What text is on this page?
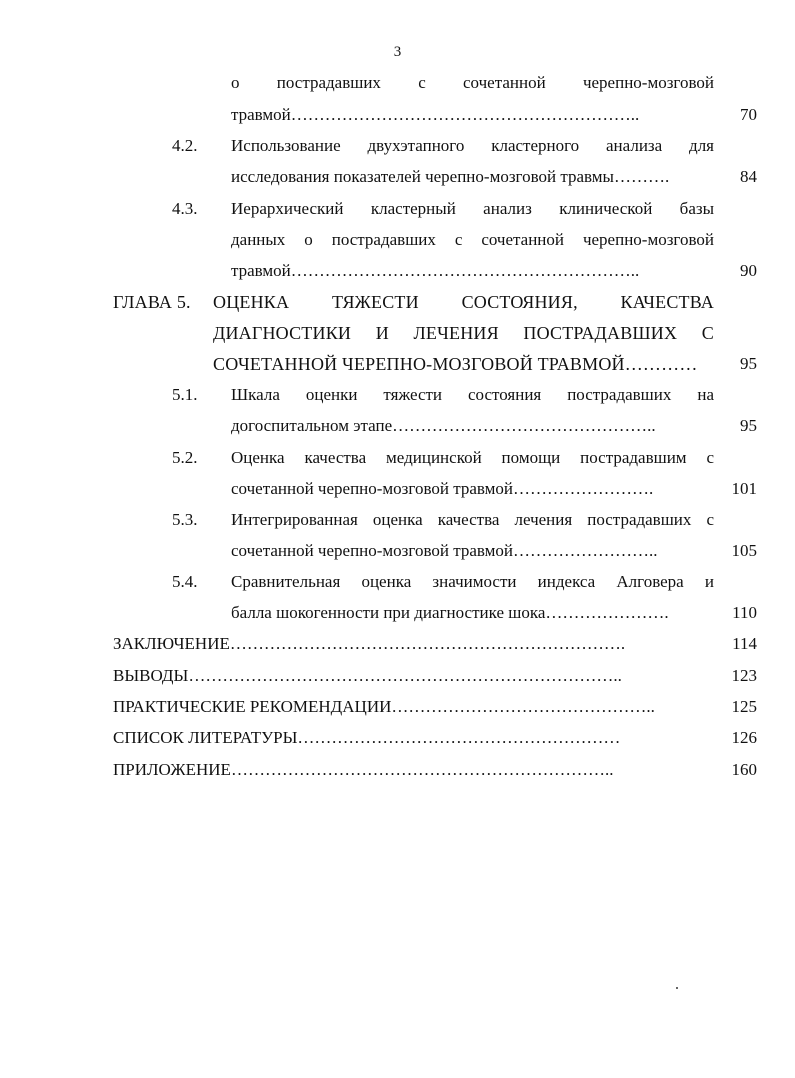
3
о пострадавших с сочетанной черепно-мозговой
травмой……………………………………………………..	70
4.2. Использование двухэтапного кластерного анализа для
исследования показателей черепно-мозговой травмы……….	84
4.3. Иерархический кластерный анализ клинической базы
данных о пострадавших с сочетанной черепно-мозговой
травмой……………………………………………………..	90
ГЛАВА 5. ОЦЕНКА ТЯЖЕСТИ СОСТОЯНИЯ, КАЧЕСТВА
ДИАГНОСТИКИ И ЛЕЧЕНИЯ ПОСТРАДАВШИХ С
СОЧЕТАННОЙ ЧЕРЕПНО-МОЗГОВОЙ ТРАВМОЙ………… 95
5.1. Шкала оценки тяжести состояния пострадавших на
догоспитальном этапе………………………………………..	95
5.2. Оценка качества медицинской помощи пострадавшим с
сочетанной черепно-мозговой травмой…………………….	101
5.3. Интегрированная оценка качества лечения пострадавших с
сочетанной черепно-мозговой травмой……………………..	105
5.4. Сравнительная оценка значимости индекса Алговера и
балла шокогенности при диагностике шока………………….	110
ЗАКЛЮЧЕНИЕ…………………………………………………………….	114
ВЫВОДЫ…………………………………………………………………..	123
ПРАКТИЧЕСКИЕ РЕКОМЕНДАЦИИ………………………………………..	125
СПИСОК ЛИТЕРАТУРЫ…………………………………………………	126
ПРИЛОЖЕНИЕ…………………………………………………………..	160
